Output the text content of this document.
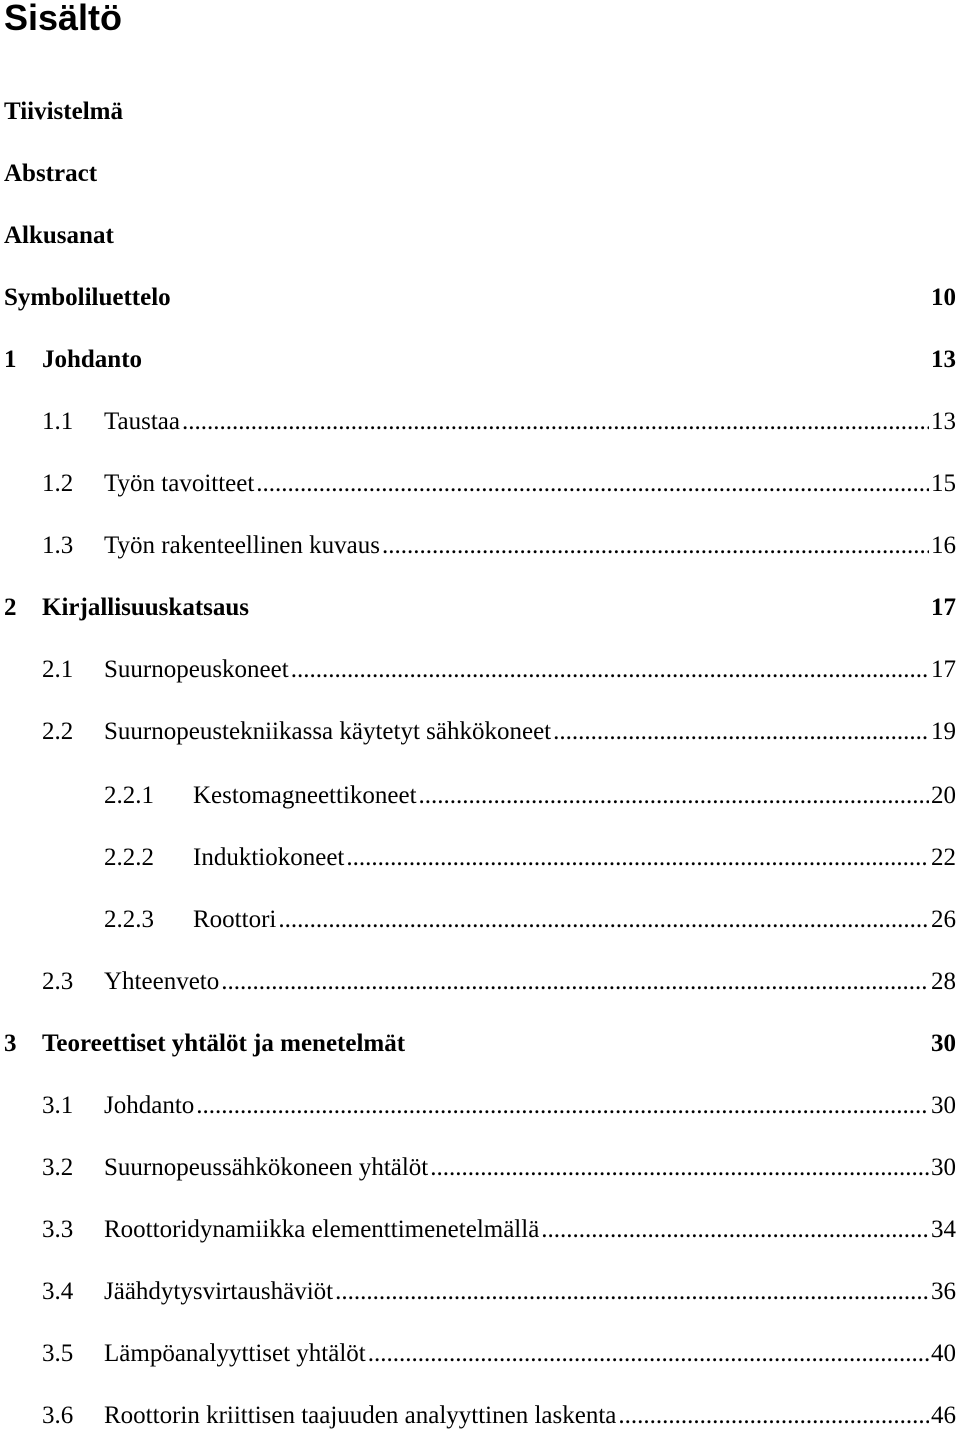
Sisältö
Tiivistelmä
Abstract
Alkusanat
Symboliluettelo	10
1	Johdanto	13
1.1	Taustaa .....	13
1.2	Työn tavoitteet .....	15
1.3	Työn rakenteellinen kuvaus .....	16
2	Kirjallisuuskatsaus	17
2.1	Suurnopeuskoneet .....	17
2.2	Suurnopeustekniikassa käytetyt sähkökoneet .....	19
2.2.1	Kestomagneettikoneet .....	20
2.2.2	Induktiokoneet .....	22
2.2.3	Roottori .....	26
2.3	Yhteenveto .....	28
3	Teoreettiset yhtälöt ja menetelmät	30
3.1	Johdanto .....	30
3.2	Suurnopeussähkökoneen yhtälöt .....	30
3.3	Roottoridynamiikka elementtimenetelmällä .....	34
3.4	Jäähdytysvirtaushäviöt .....	36
3.5	Lämpöanalyyttiset yhtälöt .....	40
3.6	Roottorin kriittisen taajuuden analyyttinen laskenta .....	46
